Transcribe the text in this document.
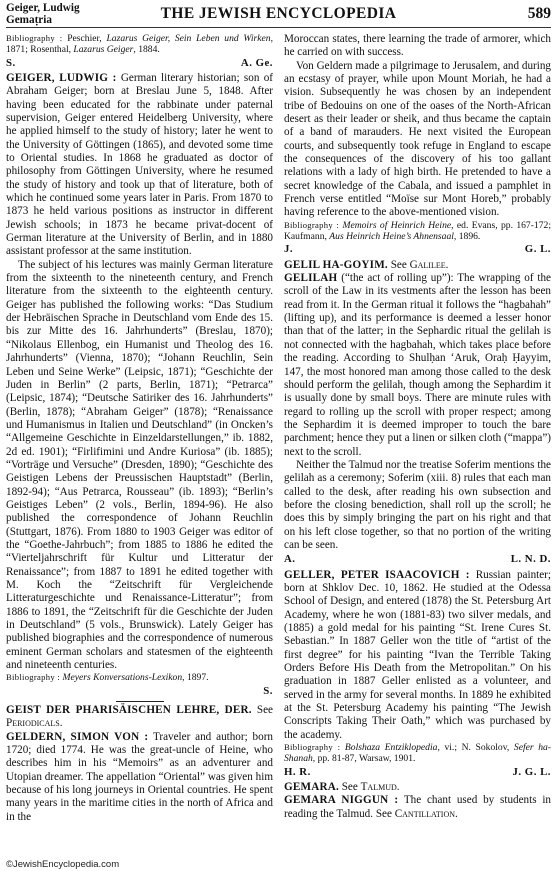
Geiger, Ludwig
Gemaṭria	THE JEWISH ENCYCLOPEDIA	589

Bibliography : Peschier, Lazarus Geiger, Sein Leben und Wirken, 1871; Rosenthal, Lazarus Geiger, 1884.

S.	A. Ge.

GEIGER, LUDWIG : German literary historian; son of Abraham Geiger; born at Breslau June 5, 1848. After having been educated for the rabbinate under paternal supervision, Geiger entered Heidelberg University, where he applied himself to the study of history; later he went to the University of Göttingen (1865), and devoted some time to Oriental studies. In 1868 he graduated as doctor of philosophy from Göttingen University, where he resumed the study of history and took up that of literature, both of which he continued some years later in Paris. From 1870 to 1873 he held various positions as instructor in different Jewish schools; in 1873 he became privat-docent of German literature at the University of Berlin, and in 1880 assistant professor at the same institution.

The subject of his lectures was mainly German literature from the sixteenth to the nineteenth century, and French literature from the sixteenth to the eighteenth century. Geiger has published the following works: “Das Studium der Hebräischen Sprache in Deutschland vom Ende des 15. bis zur Mitte des 16. Jahrhunderts” (Breslau, 1870); “Nikolaus Ellenbog, ein Humanist und Theolog des 16. Jahrhunderts” (Vienna, 1870); “Johann Reuchlin, Sein Leben und Seine Werke” (Leipsic, 1871); “Geschichte der Juden in Berlin” (2 parts, Berlin, 1871); “Petrarca” (Leipsic, 1874); “Deutsche Satiriker des 16. Jahrhunderts” (Berlin, 1878); “Abraham Geiger” (1878); “Renaissance und Humanismus in Italien und Deutschland” (in Oncken’s “Allgemeine Geschichte in Einzeldarstellungen,” ib. 1882, 2d ed. 1901); “Firlifimini und Andre Kuriosa” (ib. 1885); “Vorträge und Versuche” (Dresden, 1890); “Geschichte des Geistigen Lebens der Preussischen Hauptstadt” (Berlin, 1892-94); “Aus Petrarca, Rousseau” (ib. 1893); “Berlin’s Geistiges Leben” (2 vols., Berlin, 1894-96). He also published the correspondence of Johann Reuchlin (Stuttgart, 1876). From 1880 to 1903 Geiger was editor of the “Goethe-Jahrbuch”; from 1885 to 1886 he edited the “Vierteljahrschrift für Kultur und Litteratur der Renaissance”; from 1887 to 1891 he edited together with M. Koch the “Zeitschrift für Vergleichende Litteraturgeschichte und Renaissance-Litteratur”; from 1886 to 1891, the “Zeitschrift für die Geschichte der Juden in Deutschland” (5 vols., Brunswick). Lately Geiger has published biographies and the correspondence of numerous eminent German scholars and statesmen of the eighteenth and nineteenth centuries.

Bibliography : Meyers Konversations-Lexikon, 1897.

S.

GEIST DER PHARISÄISCHEN LEHRE, DER. See Periodicals.

GELDERN, SIMON VON : Traveler and author; born 1720; died 1774. He was the great-uncle of Heine, who describes him in his “Memoirs” as an adventurer and Utopian dreamer. The appellation “Oriental” was given him because of his long journeys in Oriental countries. He spent many years in the maritime cities in the north of Africa and in the

Moroccan states, there learning the trade of armorer, which he carried on with success.

Von Geldern made a pilgrimage to Jerusalem, and during an ecstasy of prayer, while upon Mount Moriah, he had a vision. Subsequently he was chosen by an independent tribe of Bedouins on one of the oases of the North-African desert as their leader or sheik, and thus became the captain of a band of marauders. He next visited the European courts, and subsequently took refuge in England to escape the consequences of the discovery of his too gallant relations with a lady of high birth. He pretended to have a secret knowledge of the Cabala, and issued a pamphlet in French verse entitled “Moïse sur Mont Horeb,” probably having reference to the above-mentioned vision.

Bibliography : Memoirs of Heinrich Heine, ed. Evans, pp. 167-172; Kaufmann, Aus Heinrich Heine’s Ahnensaal, 1896.

J.	G. L.

GELIL HA-GOYIM. See Galilee.

GELILAH (“the act of rolling up”): The wrapping of the scroll of the Law in its vestments after the lesson has been read from it. In the German ritual it follows the “hagbahah” (lifting up), and its performance is deemed a lesser honor than that of the latter; in the Sephardic ritual the gelilah is not connected with the hagbahah, which takes place before the reading. According to Shulḥan ‘Aruk, Oraḥ Ḥayyim, 147, the most honored man among those called to the desk should perform the gelilah, though among the Sephardim it is usually done by small boys. There are minute rules with regard to rolling up the scroll with proper respect; among the Sephardim it is deemed improper to touch the bare parchment; hence they put a linen or silken cloth (“mappa”) next to the scroll.

Neither the Talmud nor the treatise Soferim mentions the gelilah as a ceremony; Soferim (xiii. 8) rules that each man called to the desk, after reading his own subsection and before the closing benediction, shall roll up the scroll; he does this by simply bringing the part on his right and that on his left close together, so that no portion of the writing can be seen.

A.	L. N. D.

GELLER, PETER ISAACOVICH : Russian painter; born at Shklov Dec. 10, 1862. He studied at the Odessa School of Design, and entered (1878) the St. Petersburg Art Academy, where he won (1881-83) two silver medals, and (1885) a gold medal for his painting “St. Irene Cures St. Sebastian.” In 1887 Geller won the title of “artist of the first degree” for his painting “Ivan the Terrible Taking Orders Before His Death from the Metropolitan.” On his graduation in 1887 Geller enlisted as a volunteer, and served in the army for several months. In 1889 he exhibited at the St. Petersburg Academy his painting “The Jewish Conscripts Taking Their Oath,” which was purchased by the academy.

Bibliography : Bolshaza Entziklopedia, vi.; N. Sokolov, Sefer ha-Shanah, pp. 81-87, Warsaw, 1901.

H. R.	J. G. L.

GEMARA. See Talmud.

GEMARA NIGGUN : The chant used by students in reading the Talmud. See Cantillation.

©JewishEncyclopedia.com
